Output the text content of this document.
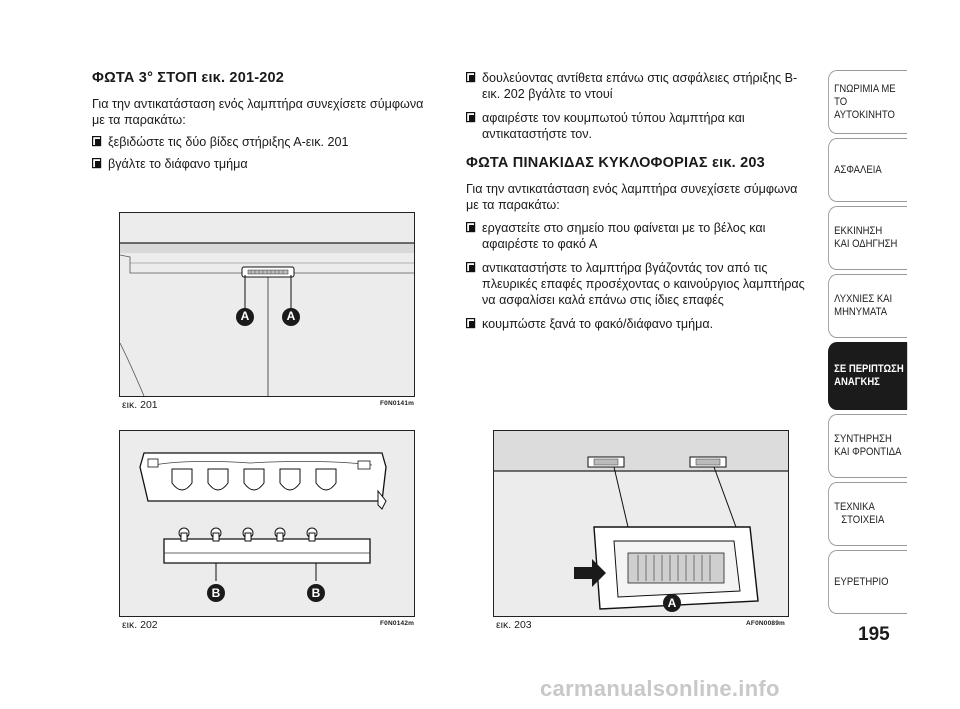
ΦΩΤΑ 3° ΣΤΟΠ εικ. 201-202
Για την αντικατάσταση ενός λαμπτήρα συνεχίσετε σύμφωνα
με τα παρακάτω:
ξεβιδώστε τις δύο βίδες στήριξης Α-εικ. 201
βγάλτε το διάφανο τμήμα
A	A
εικ. 201	F0N0141m
B	B
εικ. 202	F0N0142m
δουλεύοντας αντίθετα επάνω στις ασφάλειες στήριξης Β-
εικ. 202 βγάλτε το ντουί
αφαιρέστε τον κουμπωτού τύπου λαμπτήρα και
αντικαταστήστε τον.
ΦΩΤΑ ΠΙΝΑΚΙΔΑΣ ΚΥΚΛΟΦΟΡΙΑΣ εικ. 203
Για την αντικατάσταση ενός λαμπτήρα συνεχίσετε σύμφωνα
με τα παρακάτω:
εργαστείτε στο σημείο που φαίνεται με το βέλος και
αφαιρέστε το φακό Α
αντικαταστήστε το λαμπτήρα βγάζοντάς τον από τις
πλευρικές επαφές προσέχοντας ο καινούργιος λαμπτήρας
να ασφαλίσει καλά επάνω στις ίδιες επαφές
κουμπώστε ξανά το φακό/διάφανο τμήμα.
A
εικ. 203	AF0N0089m
ΓΝΩΡΙΜΙΑ ΜΕ
ΤΟ ΑΥΤΟΚΙΝΗΤΟ
ΑΣΦΑΛΕΙΑ
ΕΚΚΙΝΗΣΗ
ΚΑΙ ΟΔΗΓΗΣΗ
ΛΥΧΝΙΕΣ ΚΑΙ
ΜΗΝΥΜΑΤΑ
ΣΕ ΠΕΡΙΠΤΩΣΗ
ΑΝΑΓΚΗΣ
ΣΥΝΤΗΡΗΣΗ
ΚΑΙ ΦΡΟΝΤΙΔΑ
ΤΕΧΝΙΚΑ
ΣΤΟΙΧΕΙΑ
ΕΥΡΕΤΗΡΙΟ
195
carmanualsonline.info
